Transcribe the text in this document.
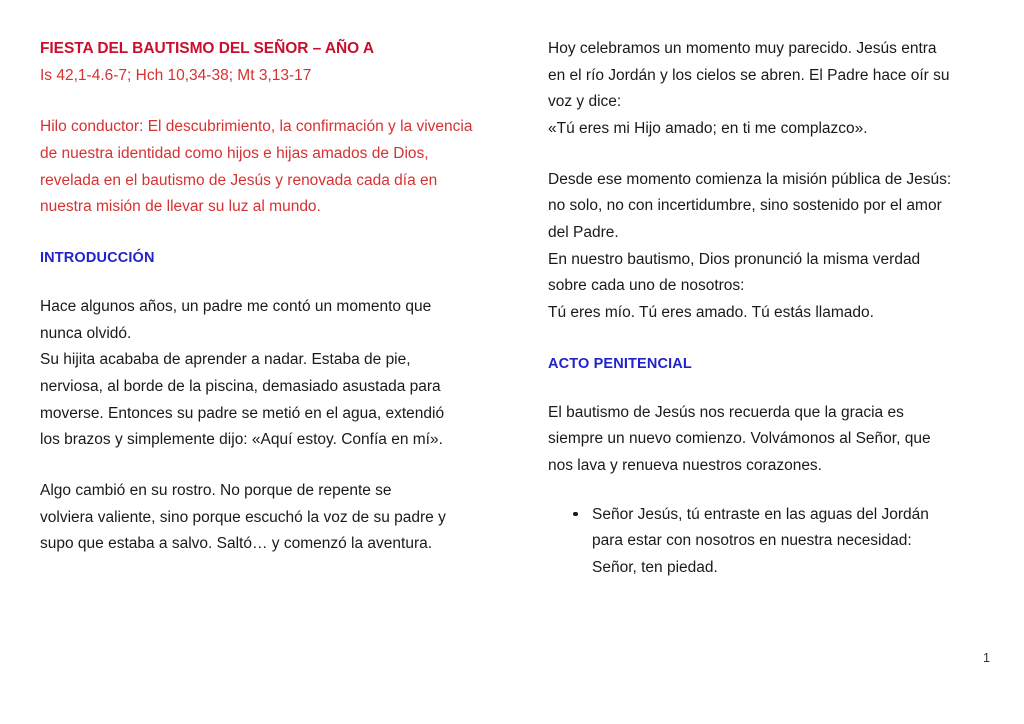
FIESTA DEL BAUTISMO DEL SEÑOR – AÑO A
Is 42,1-4.6-7; Hch 10,34-38; Mt 3,13-17
Hilo conductor: El descubrimiento, la confirmación y la vivencia de nuestra identidad como hijos e hijas amados de Dios, revelada en el bautismo de Jesús y renovada cada día en nuestra misión de llevar su luz al mundo.
INTRODUCCIÓN
Hace algunos años, un padre me contó un momento que
nunca olvidó.
Su hijita acababa de aprender a nadar. Estaba de pie,
nerviosa, al borde de la piscina, demasiado asustada para
moverse. Entonces su padre se metió en el agua, extendió
los brazos y simplemente dijo: «Aquí estoy. Confía en mí».
Algo cambió en su rostro. No porque de repente se
volviera valiente, sino porque escuchó la voz de su padre y
supo que estaba a salvo. Saltó… y comenzó la aventura.
Hoy celebramos un momento muy parecido. Jesús entra
en el río Jordán y los cielos se abren. El Padre hace oír su
voz y dice:
«Tú eres mi Hijo amado; en ti me complazco».
Desde ese momento comienza la misión pública de Jesús:
no solo, no con incertidumbre, sino sostenido por el amor
del Padre.
En nuestro bautismo, Dios pronunció la misma verdad
sobre cada uno de nosotros:
Tú eres mío. Tú eres amado. Tú estás llamado.
ACTO PENITENCIAL
El bautismo de Jesús nos recuerda que la gracia es
siempre un nuevo comienzo. Volvámonos al Señor, que
nos lava y renueva nuestros corazones.
Señor Jesús, tú entraste en las aguas del Jordán
para estar con nosotros en nuestra necesidad:
Señor, ten piedad.
1
